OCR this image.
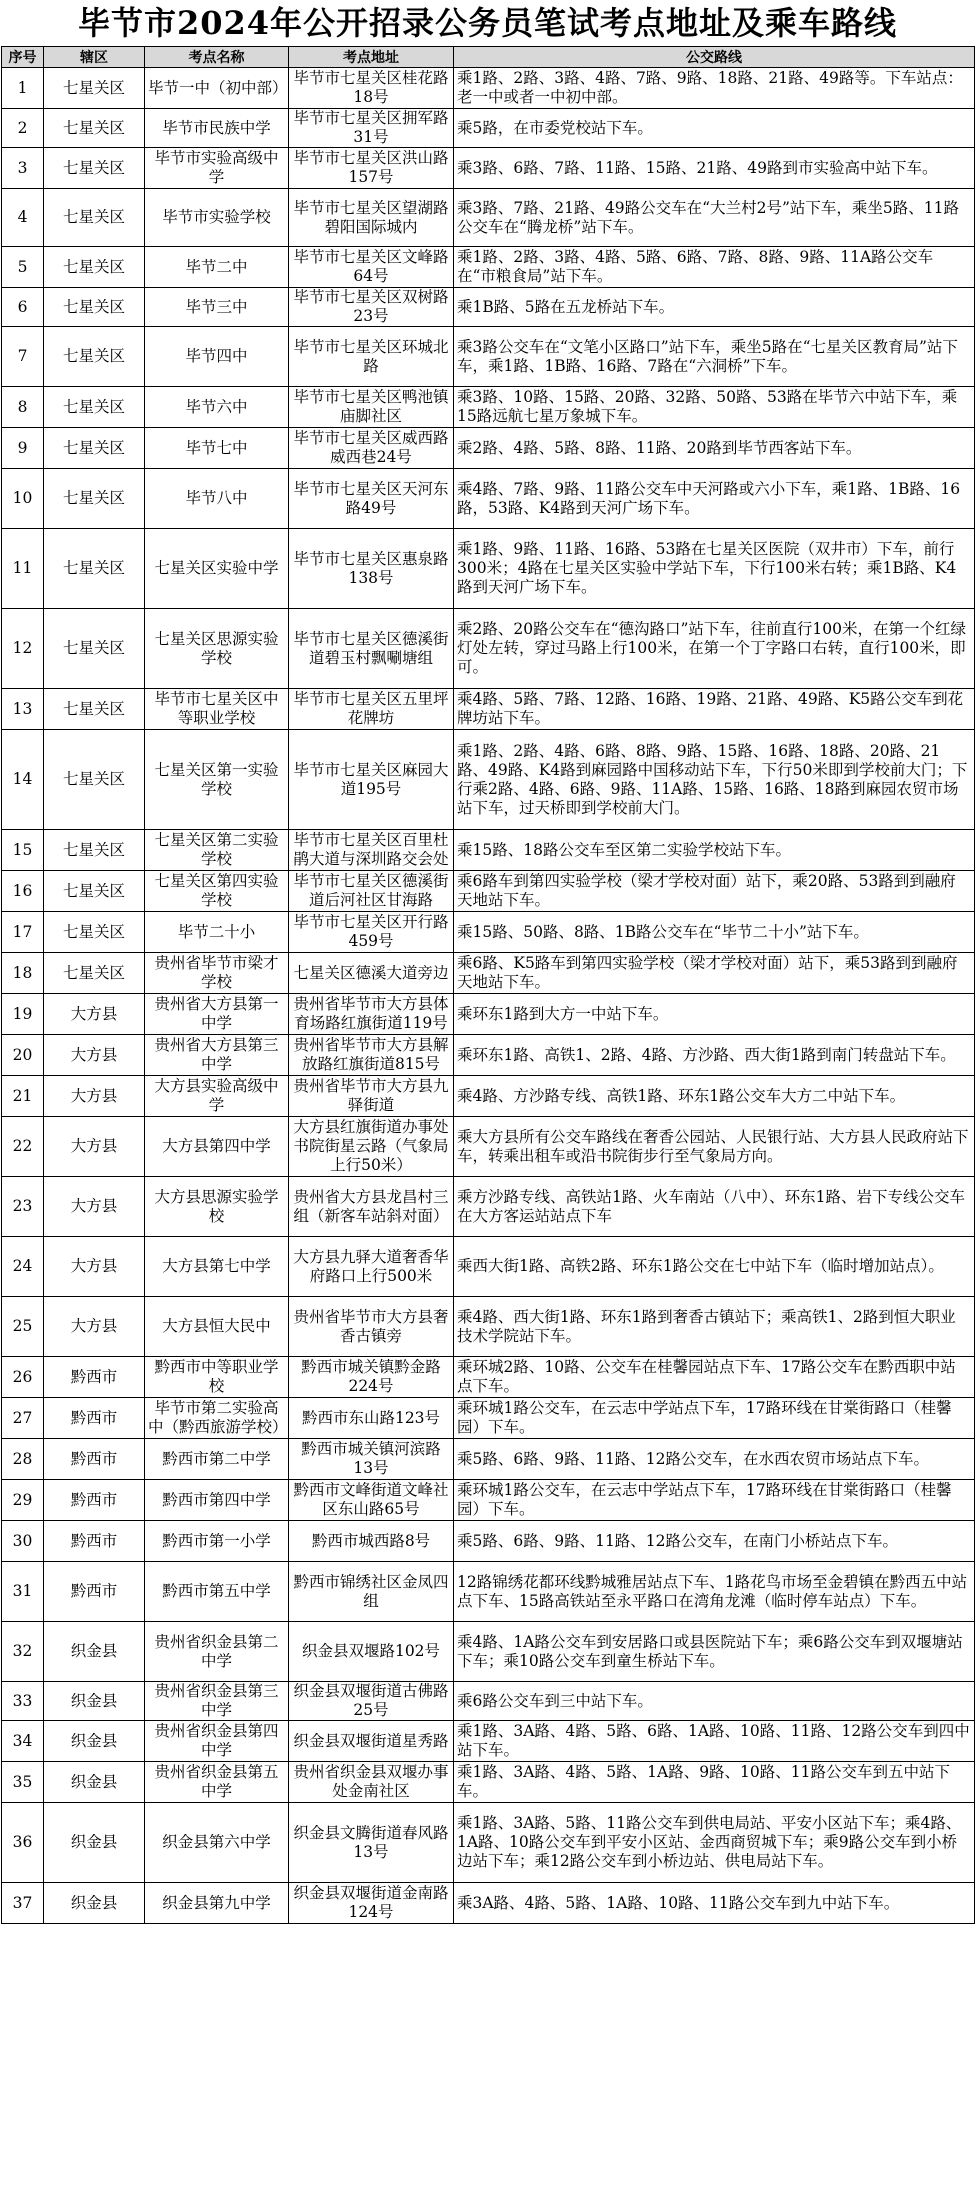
毕节市2024年公开招录公务员笔试考点地址及乘车路线
序号	辖区	考点名称	考点地址	公交路线
1	七星关区	毕节一中（初中部）	毕节市七星关区桂花路18号	乘1路、2路、3路、4路、7路、9路、18路、21路、49路等。下车站点：老一中或者一中初中部。
2	七星关区	毕节市民族中学	毕节市七星关区拥军路31号	乘5路，在市委党校站下车。
3	七星关区	毕节市实验高级中学	毕节市七星关区洪山路157号	乘3路、6路、7路、11路、15路、21路、49路到市实验高中站下车。
4	七星关区	毕节市实验学校	毕节市七星关区望湖路碧阳国际城内	乘3路、7路、21路、49路公交车在“大兰村2号”站下车，乘坐5路、11路公交车在“腾龙桥”站下车。
5	七星关区	毕节二中	毕节市七星关区文峰路64号	乘1路、2路、3路、4路、5路、6路、7路、8路、9路、11A路公交车在“市粮食局”站下车。
6	七星关区	毕节三中	毕节市七星关区双树路23号	乘1B路、5路在五龙桥站下车。
7	七星关区	毕节四中	毕节市七星关区环城北路	乘3路公交车在“文笔小区路口”站下车，乘坐5路在“七星关区教育局”站下车，乘1路、1B路、16路、7路在“六洞桥”下车。
8	七星关区	毕节六中	毕节市七星关区鸭池镇庙脚社区	乘3路、10路、15路、20路、32路、50路、53路在毕节六中站下车，乘15路远航七星万象城下车。
9	七星关区	毕节七中	毕节市七星关区威西路威西巷24号	乘2路、4路、5路、8路、11路、20路到毕节西客站下车。
10	七星关区	毕节八中	毕节市七星关区天河东路49号	乘4路、7路、9路、11路公交车中天河路或六小下车，乘1路、1B路、16路，53路、K4路到天河广场下车。
11	七星关区	七星关区实验中学	毕节市七星关区惠泉路138号	乘1路、9路、11路、16路、53路在七星关区医院（双井市）下车，前行300米；4路在七星关区实验中学站下车，下行100米右转；乘1B路、K4路到天河广场下车。
12	七星关区	七星关区思源实验学校	毕节市七星关区德溪街道碧玉村飘唰塘组	乘2路、20路公交车在“德沟路口”站下车，往前直行100米，在第一个红绿灯处左转，穿过马路上行100米，在第一个丁字路口右转，直行100米，即可。
13	七星关区	毕节市七星关区中等职业学校	毕节市七星关区五里坪花牌坊	乘4路、5路、7路、12路、16路、19路、21路、49路、K5路公交车到花牌坊站下车。
14	七星关区	七星关区第一实验学校	毕节市七星关区麻园大道195号	乘1路、2路、4路、6路、8路、9路、15路、16路、18路、20路、21路、49路、K4路到麻园路中国移动站下车，下行50米即到学校前大门；下行乘2路、4路、6路、9路、11A路、15路、16路、18路到麻园农贸市场站下车，过天桥即到学校前大门。
15	七星关区	七星关区第二实验学校	毕节市七星关区百里杜鹃大道与深圳路交会处	乘15路、18路公交车至区第二实验学校站下车。
16	七星关区	七星关区第四实验学校	毕节市七星关区德溪街道后河社区甘海路	乘6路车到第四实验学校（梁才学校对面）站下，乘20路、53路到到融府天地站下车。
17	七星关区	毕节二十小	毕节市七星关区开行路459号	乘15路、50路、8路、1B路公交车在“毕节二十小”站下车。
18	七星关区	贵州省毕节市梁才学校	七星关区德溪大道旁边	乘6路、K5路车到第四实验学校（梁才学校对面）站下，乘53路到到融府天地站下车。
19	大方县	贵州省大方县第一中学	贵州省毕节市大方县体育场路红旗街道119号	乘环东1路到大方一中站下车。
20	大方县	贵州省大方县第三中学	贵州省毕节市大方县解放路红旗街道815号	乘环东1路、高铁1、2路、4路、方沙路、西大街1路到南门转盘站下车。
21	大方县	大方县实验高级中学	贵州省毕节市大方县九驿街道	乘4路、方沙路专线、高铁1路、环东1路公交车大方二中站下车。
22	大方县	大方县第四中学	大方县红旗街道办事处书院街星云路（气象局上行50米）	乘大方县所有公交车路线在奢香公园站、人民银行站、大方县人民政府站下车，转乘出租车或沿书院街步行至气象局方向。
23	大方县	大方县思源实验学校	贵州省大方县龙昌村三组（新客车站斜对面）	乘方沙路专线、高铁站1路、火车南站（八中）、环东1路、岩下专线公交车在大方客运站站点下车
24	大方县	大方县第七中学	大方县九驿大道奢香华府路口上行500米	乘西大街1路、高铁2路、环东1路公交在七中站下车（临时增加站点）。
25	大方县	大方县恒大民中	贵州省毕节市大方县奢香古镇旁	乘4路、西大街1路、环东1路到奢香古镇站下；乘高铁1、2路到恒大职业技术学院站下车。
26	黔西市	黔西市中等职业学校	黔西市城关镇黔金路224号	乘环城2路、10路、公交车在桂馨园站点下车、17路公交车在黔西职中站点下车。
27	黔西市	毕节市第二实验高中（黔西旅游学校）	黔西市东山路123号	乘环城1路公交车，在云志中学站点下车，17路环线在甘棠街路口（桂馨园）下车。
28	黔西市	黔西市第二中学	黔西市城关镇河滨路13号	乘5路、6路、9路、11路、12路公交车，在水西农贸市场站点下车。
29	黔西市	黔西市第四中学	黔西市文峰街道文峰社区东山路65号	乘环城1路公交车，在云志中学站点下车，17路环线在甘棠街路口（桂馨园）下车。
30	黔西市	黔西市第一小学	黔西市城西路8号	乘5路、6路、9路、11路、12路公交车，在南门小桥站点下车。
31	黔西市	黔西市第五中学	黔西市锦绣社区金凤四组	12路锦绣花都环线黔城雅居站点下车、1路花鸟市场至金碧镇在黔西五中站点下车、15路高铁站至永平路口在湾角龙滩（临时停车站点）下车。
32	织金县	贵州省织金县第二中学	织金县双堰路102号	乘4路、1A路公交车到安居路口或县医院站下车；乘6路公交车到双堰塘站下车；乘10路公交车到童生桥站下车。
33	织金县	贵州省织金县第三中学	织金县双堰街道古佛路25号	乘6路公交车到三中站下车。
34	织金县	贵州省织金县第四中学	织金县双堰街道星秀路	乘1路、3A路、4路、5路、6路、1A路、10路、11路、12路公交车到四中站下车。
35	织金县	贵州省织金县第五中学	贵州省织金县双堰办事处金南社区	乘1路、3A路、4路、5路、1A路、9路、10路、11路公交车到五中站下车。
36	织金县	织金县第六中学	织金县文腾街道春风路13号	乘1路、3A路、5路、11路公交车到供电局站、平安小区站下车；乘4路、1A路、10路公交车到平安小区站、金西商贸城下车；乘9路公交车到小桥边站下车；乘12路公交车到小桥边站、供电局站下车。
37	织金县	织金县第九中学	织金县双堰街道金南路124号	乘3A路、4路、5路、1A路、10路、11路公交车到九中站下车。
